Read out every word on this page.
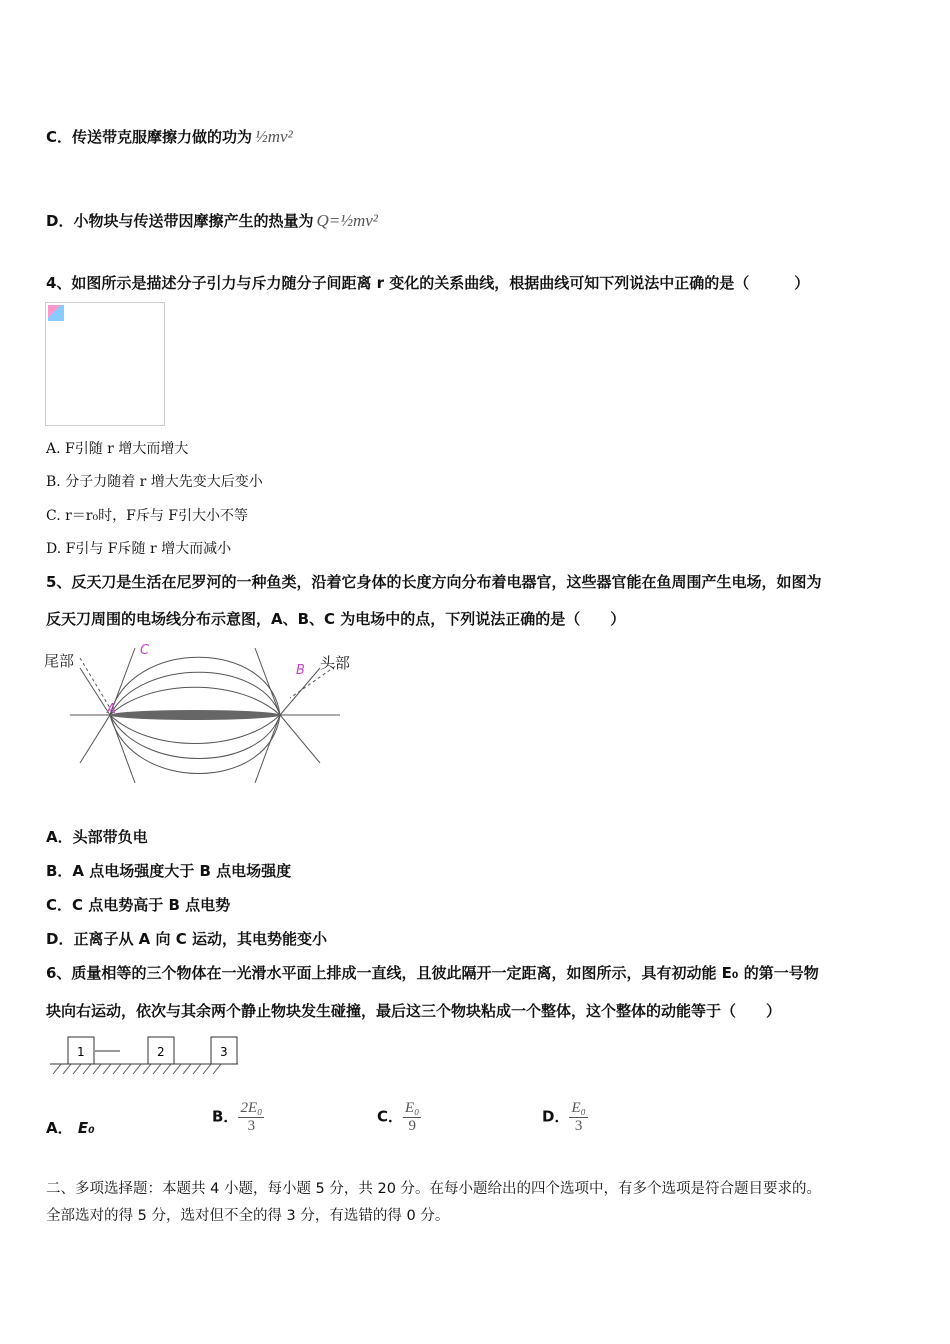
C．传送带克服摩擦力做的功为 ½mv²
D．小物块与传送带因摩擦产生的热量为 Q=½mv²
4、如图所示是描述分子引力与斥力随分子间距离 r 变化的关系曲线，根据曲线可知下列说法中正确的是（　　　）
A. F引随 r 增大而增大
B. 分子力随着 r 增大先变大后变小
C. r＝r₀时，F斥与 F引大小不等
D. F引与 F斥随 r 增大而减小
5、反天刀是生活在尼罗河的一种鱼类，沿着它身体的长度方向分布着电器官，这些器官能在鱼周围产生电场，如图为
反天刀周围的电场线分布示意图，A、B、C 为电场中的点，下列说法正确的是（　　）
尾部	头部
A
B
C
A．头部带负电
B．A 点电场强度大于 B 点电场强度
C．C 点电势高于 B 点电势
D．正离子从 A 向 C 运动，其电势能变小
6、质量相等的三个物体在一光滑水平面上排成一直线，且彼此隔开一定距离，如图所示，具有初动能 E₀ 的第一号物
块向右运动，依次与其余两个静止物块发生碰撞，最后这三个物块粘成一个整体，这个整体的动能等于（　　）
1	2	3
A． E₀
B． $\frac{\text{2E₀}}{3}$	C． $\frac{\text{E₀}}{9}$	D． $\frac{\text{E₀}}{3}$
二、多项选择题：本题共 4 小题，每小题 5 分，共 20 分。在每小题给出的四个选项中，有多个选项是符合题目要求的。
全部选对的得 5 分，选对但不全的得 3 分，有选错的得 0 分。
